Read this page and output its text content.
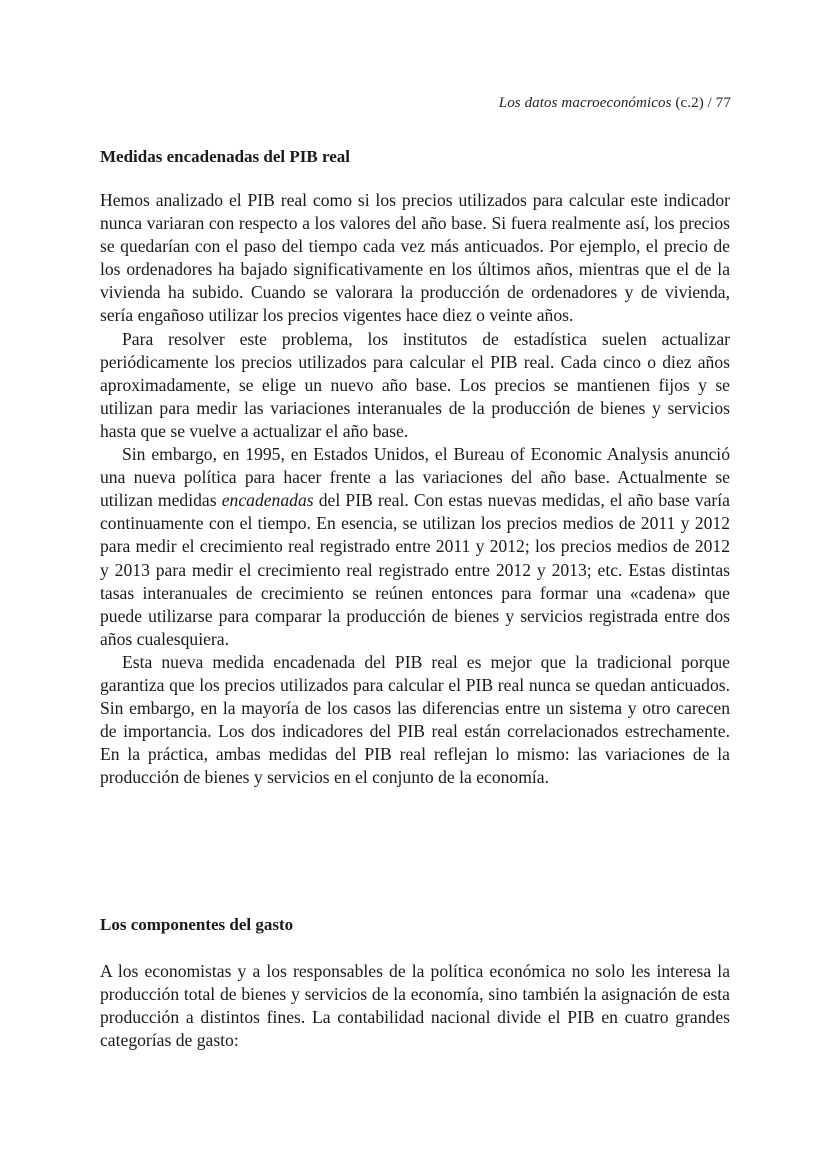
Los datos macroeconómicos (c.2) / 77
Medidas encadenadas del PIB real

Hemos analizado el PIB real como si los precios utilizados para calcular este indicador nunca variaran con respecto a los valores del año base. Si fuera realmente así, los precios se quedarían con el paso del tiempo cada vez más anticuados. Por ejemplo, el precio de los ordenadores ha bajado significativamente en los últimos años, mientras que el de la vivienda ha subido. Cuando se valorara la producción de ordenadores y de vivienda, sería engañoso utilizar los precios vigentes hace diez o veinte años.

Para resolver este problema, los institutos de estadística suelen actualizar periódicamente los precios utilizados para calcular el PIB real. Cada cinco o diez años aproximadamente, se elige un nuevo año base. Los precios se mantienen fijos y se utilizan para medir las variaciones interanuales de la producción de bienes y servicios hasta que se vuelve a actualizar el año base.

Sin embargo, en 1995, en Estados Unidos, el Bureau of Economic Analysis anunció una nueva política para hacer frente a las variaciones del año base. Actualmente se utilizan medidas encadenadas del PIB real. Con estas nuevas medidas, el año base varía continuamente con el tiempo. En esencia, se utilizan los precios medios de 2011 y 2012 para medir el crecimiento real registrado entre 2011 y 2012; los precios medios de 2012 y 2013 para medir el crecimiento real registrado entre 2012 y 2013; etc. Estas distintas tasas interanuales de crecimiento se reúnen entonces para formar una «cadena» que puede utilizarse para comparar la producción de bienes y servicios registrada entre dos años cualesquiera.

Esta nueva medida encadenada del PIB real es mejor que la tradicional porque garantiza que los precios utilizados para calcular el PIB real nunca se quedan anticuados. Sin embargo, en la mayoría de los casos las diferencias entre un sistema y otro carecen de importancia. Los dos indicadores del PIB real están correlacionados estrechamente. En la práctica, ambas medidas del PIB real reflejan lo mismo: las variaciones de la producción de bienes y servicios en el conjunto de la economía.

Los componentes del gasto

A los economistas y a los responsables de la política económica no solo les interesa la producción total de bienes y servicios de la economía, sino también la asignación de esta producción a distintos fines. La contabilidad nacional divide el PIB en cuatro grandes categorías de gasto:
